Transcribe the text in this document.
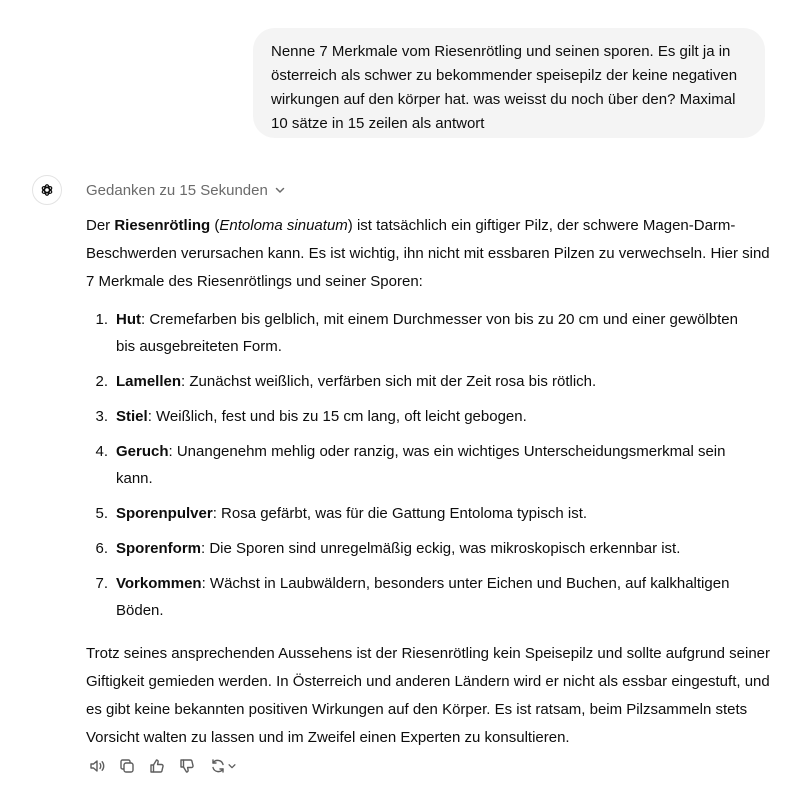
Nenne 7 Merkmale vom Riesenrötling und seinen sporen. Es gilt ja in österreich als schwer zu bekommender speisepilz der keine negativen wirkungen auf den körper hat. was weisst du noch über den? Maximal 10 sätze in 15 zeilen als antwort
Gedanken zu 15 Sekunden

Der Riesenrötling (Entoloma sinuatum) ist tatsächlich ein giftiger Pilz, der schwere Magen-Darm-Beschwerden verursachen kann. Es ist wichtig, ihn nicht mit essbaren Pilzen zu verwechseln. Hier sind 7 Merkmale des Riesenrötlings und seiner Sporen:

1. Hut: Cremefarben bis gelblich, mit einem Durchmesser von bis zu 20 cm und einer gewölbten bis ausgebreiteten Form.
2. Lamellen: Zunächst weißlich, verfärben sich mit der Zeit rosa bis rötlich.
3. Stiel: Weißlich, fest und bis zu 15 cm lang, oft leicht gebogen.
4. Geruch: Unangenehm mehlig oder ranzig, was ein wichtiges Unterscheidungsmerkmal sein kann.
5. Sporenpulver: Rosa gefärbt, was für die Gattung Entoloma typisch ist.
6. Sporenform: Die Sporen sind unregelmäßig eckig, was mikroskopisch erkennbar ist.
7. Vorkommen: Wächst in Laubwäldern, besonders unter Eichen und Buchen, auf kalkhaltigen Böden.

Trotz seines ansprechenden Aussehens ist der Riesenrötling kein Speisepilz und sollte aufgrund seiner Giftigkeit gemieden werden. In Österreich und anderen Ländern wird er nicht als essbar eingestuft, und es gibt keine bekannten positiven Wirkungen auf den Körper. Es ist ratsam, beim Pilzsammeln stets Vorsicht walten zu lassen und im Zweifel einen Experten zu konsultieren.
